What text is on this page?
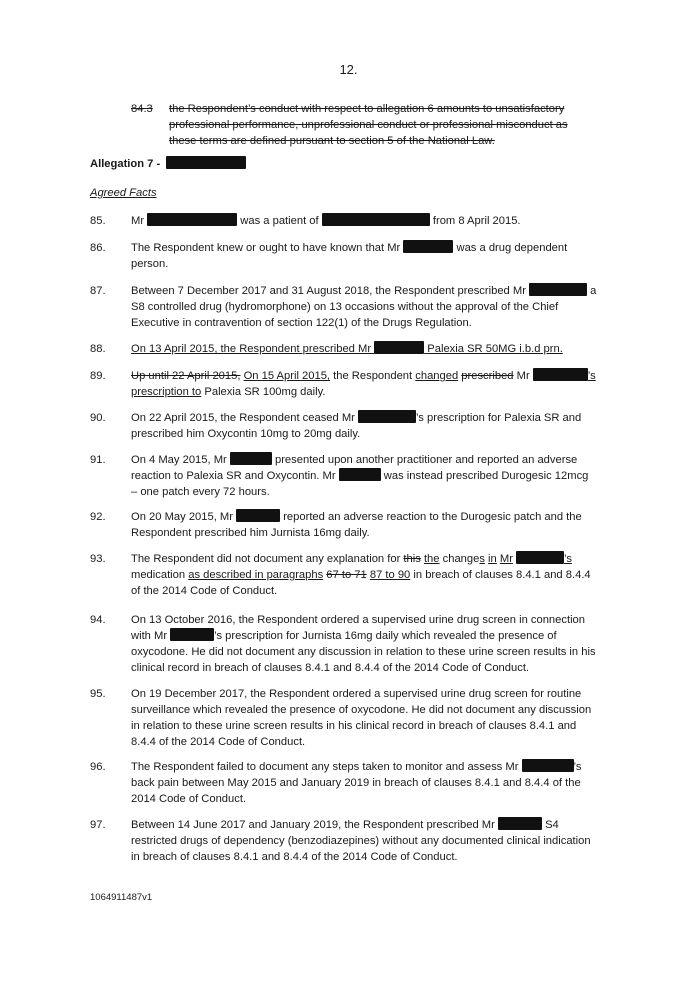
12.
84.3	the Respondent’s conduct with respect to allegation 6 amounts to unsatisfactory
professional performance, unprofessional conduct or professional misconduct as
these terms are defined pursuant to section 5 of the National Law.
Allegation 7 -
Agreed Facts
85.	Mr	was a patient of	from 8 April 2015.
86.	The Respondent knew or ought to have known that Mr	was a drug dependent
person.
87.	Between 7 December 2017 and 31 August 2018, the Respondent prescribed Mr	a
S8 controlled drug (hydromorphone) on 13 occasions without the approval of the Chief
Executive in contravention of section 122(1) of the Drugs Regulation.
88.	On 13 April 2015, the Respondent prescribed Mr	Palexia SR 50MG i.b.d prn.
89.	Up until 22 April 2015, On 15 April 2015, the Respondent changed prescribed Mr	’s
prescription to Palexia SR 100mg daily.
90.	On 22 April 2015, the Respondent ceased Mr	’s prescription for Palexia SR and
prescribed him Oxycontin 10mg to 20mg daily.
91.	On 4 May 2015, Mr	presented upon another practitioner and reported an adverse
reaction to Palexia SR and Oxycontin. Mr	was instead prescribed Durogesic 12mcg
– one patch every 72 hours.
92.	On 20 May 2015, Mr	reported an adverse reaction to the Durogesic patch and the
Respondent prescribed him Jurnista 16mg daily.
93.	The Respondent did not document any explanation for this the changes in Mr	’s
medication as described in paragraphs 67 to 71 87 to 90 in breach of clauses 8.4.1 and 8.4.4
of the 2014 Code of Conduct.
94.	On 13 October 2016, the Respondent ordered a supervised urine drug screen in connection
with Mr	’s prescription for Jurnista 16mg daily which revealed the presence of
oxycodone. He did not document any discussion in relation to these urine screen results in his
clinical record in breach of clauses 8.4.1 and 8.4.4 of the 2014 Code of Conduct.
95.	On 19 December 2017, the Respondent ordered a supervised urine drug screen for routine
surveillance which revealed the presence of oxycodone. He did not document any discussion
in relation to these urine screen results in his clinical record in breach of clauses 8.4.1 and
8.4.4 of the 2014 Code of Conduct.
96.	The Respondent failed to document any steps taken to monitor and assess Mr	’s
back pain between May 2015 and January 2019 in breach of clauses 8.4.1 and 8.4.4 of the
2014 Code of Conduct.
97.	Between 14 June 2017 and January 2019, the Respondent prescribed Mr	S4
restricted drugs of dependency (benzodiazepines) without any documented clinical indication
in breach of clauses 8.4.1 and 8.4.4 of the 2014 Code of Conduct.
1064911487v1
